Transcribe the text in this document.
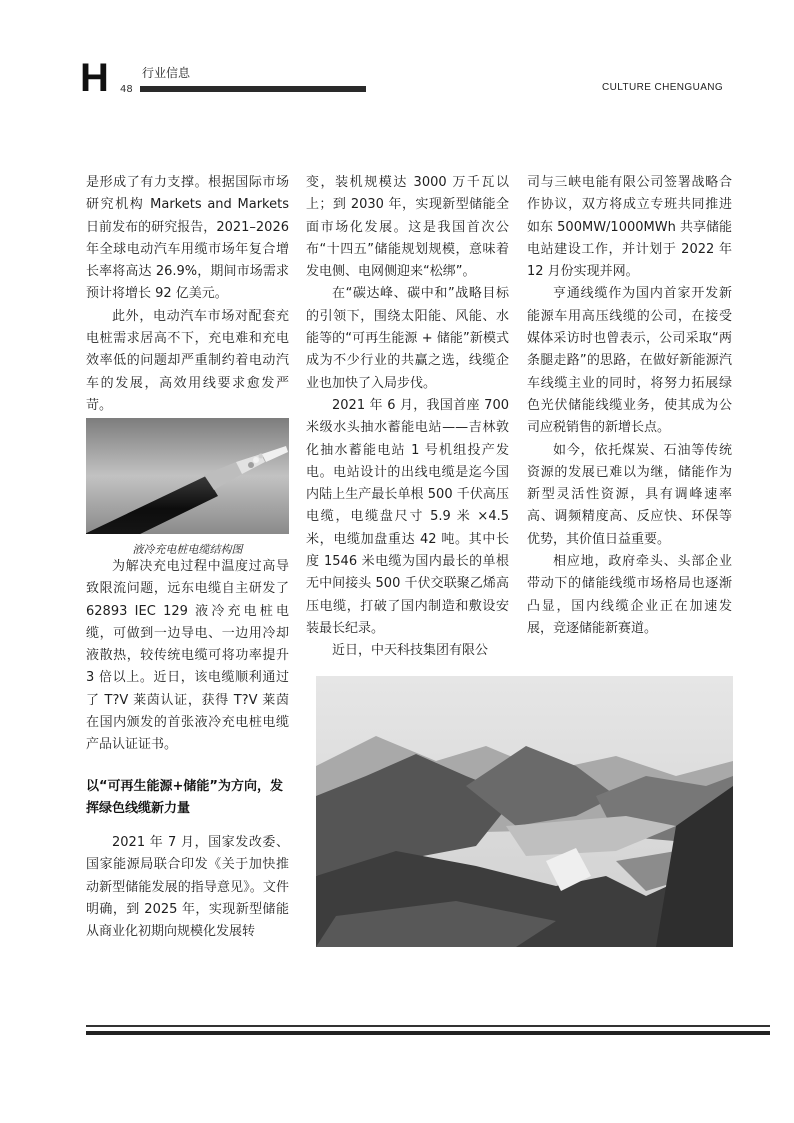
H	行业信息
48	CULTURE CHENGUANG

是形成了有力支撑。根据国际市场研究机构 Markets and Markets 日前发布的研究报告，2021–2026 年全球电动汽车用缆市场年复合增长率将高达 26.9%，期间市场需求预计将增长 92 亿美元。

此外，电动汽车市场对配套充电桩需求居高不下，充电难和充电效率低的问题却严重制约着电动汽车的发展，高效用线要求愈发严苛。

液冷充电桩电缆结构图

为解决充电过程中温度过高导致限流问题，远东电缆自主研发了 62893 IEC 129 液冷充电桩电缆，可做到一边导电、一边用冷却液散热，较传统电缆可将功率提升 3 倍以上。近日，该电缆顺利通过了 T?V 莱茵认证，获得 T?V 莱茵在国内颁发的首张液冷充电桩电缆产品认证证书。

以“可再生能源+储能”为方向，发挥绿色线缆新力量

2021 年 7 月，国家发改委、国家能源局联合印发《关于加快推动新型储能发展的指导意见》。文件明确，到 2025 年，实现新型储能从商业化初期向规模化发展转

变，装机规模达 3000 万千瓦以上；到 2030 年，实现新型储能全面市场化发展。这是我国首次公布“十四五”储能规划规模，意味着发电侧、电网侧迎来“松绑”。

在“碳达峰、碳中和”战略目标的引领下，围绕太阳能、风能、水能等的“可再生能源 + 储能”新模式成为不少行业的共赢之选，线缆企业也加快了入局步伐。

2021 年 6 月，我国首座 700 米级水头抽水蓄能电站——吉林敦化抽水蓄能电站 1 号机组投产发电。电站设计的出线电缆是迄今国内陆上生产最长单根 500 千伏高压电缆，电缆盘尺寸 5.9 米 ×4.5 米，电缆加盘重达 42 吨。其中长度 1546 米电缆为国内最长的单根无中间接头 500 千伏交联聚乙烯高压电缆，打破了国内制造和敷设安装最长纪录。

近日，中天科技集团有限公

司与三峡电能有限公司签署战略合作协议，双方将成立专班共同推进如东 500MW/1000MWh 共享储能电站建设工作，并计划于 2022 年 12 月份实现并网。

亨通线缆作为国内首家开发新能源车用高压线缆的公司，在接受媒体采访时也曾表示，公司采取“两条腿走路”的思路，在做好新能源汽车线缆主业的同时，将努力拓展绿色光伏储能线缆业务，使其成为公司应税销售的新增长点。

如今，依托煤炭、石油等传统资源的发展已难以为继，储能作为新型灵活性资源，具有调峰速率高、调频精度高、反应快、环保等优势，其价值日益重要。

相应地，政府牵头、头部企业带动下的储能线缆市场格局也逐渐凸显，国内线缆企业正在加速发展，竞逐储能新赛道。
